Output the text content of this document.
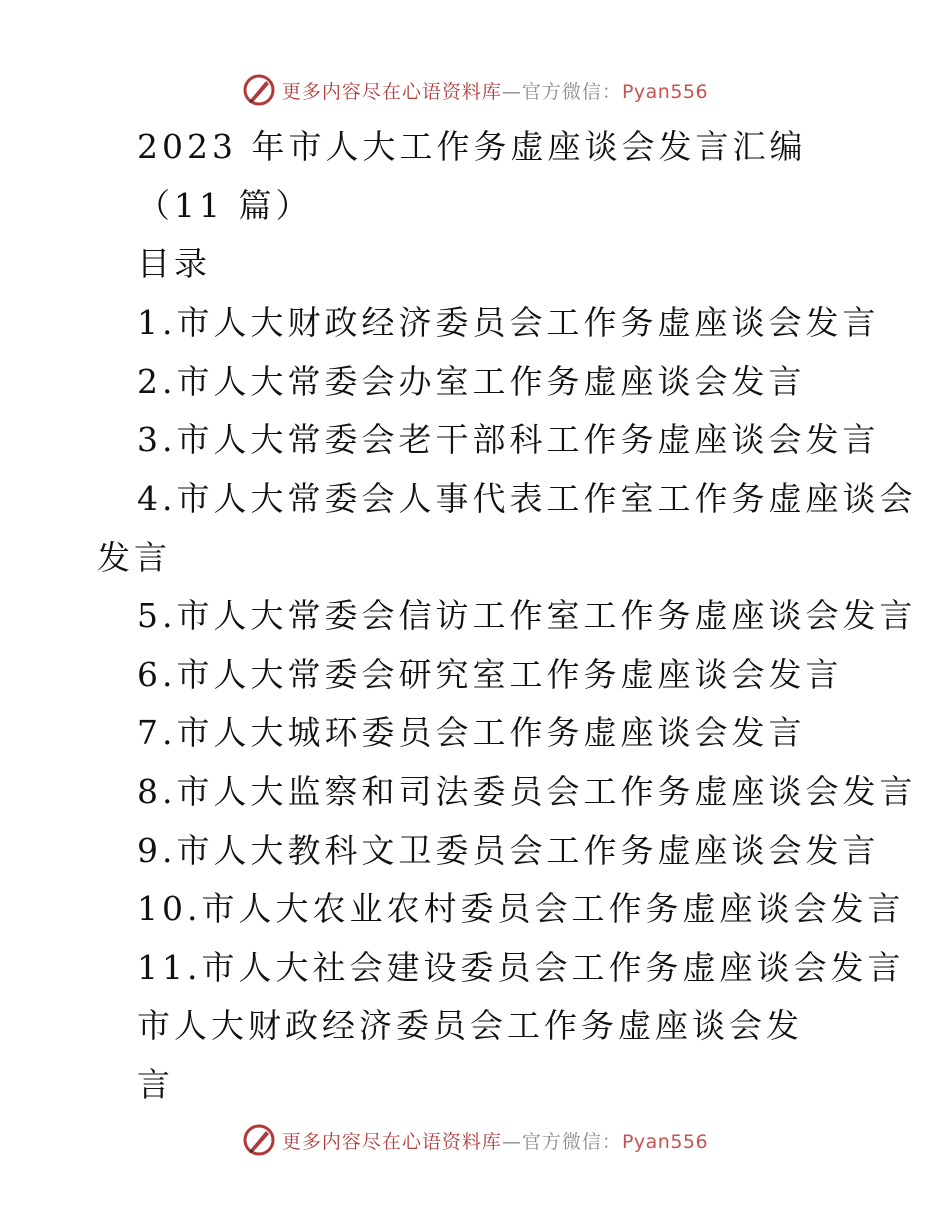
更多内容尽在心语资料库—官方微信：Pyan556
2023 年市人大工作务虚座谈会发言汇编
（11 篇）
目录
1.市人大财政经济委员会工作务虚座谈会发言
2.市人大常委会办室工作务虚座谈会发言
3.市人大常委会老干部科工作务虚座谈会发言
4.市人大常委会人事代表工作室工作务虚座谈会
发言
5.市人大常委会信访工作室工作务虚座谈会发言
6.市人大常委会研究室工作务虚座谈会发言
7.市人大城环委员会工作务虚座谈会发言
8.市人大监察和司法委员会工作务虚座谈会发言
9.市人大教科文卫委员会工作务虚座谈会发言
10.市人大农业农村委员会工作务虚座谈会发言
11.市人大社会建设委员会工作务虚座谈会发言
市人大财政经济委员会工作务虚座谈会发
言
更多内容尽在心语资料库—官方微信：Pyan556
